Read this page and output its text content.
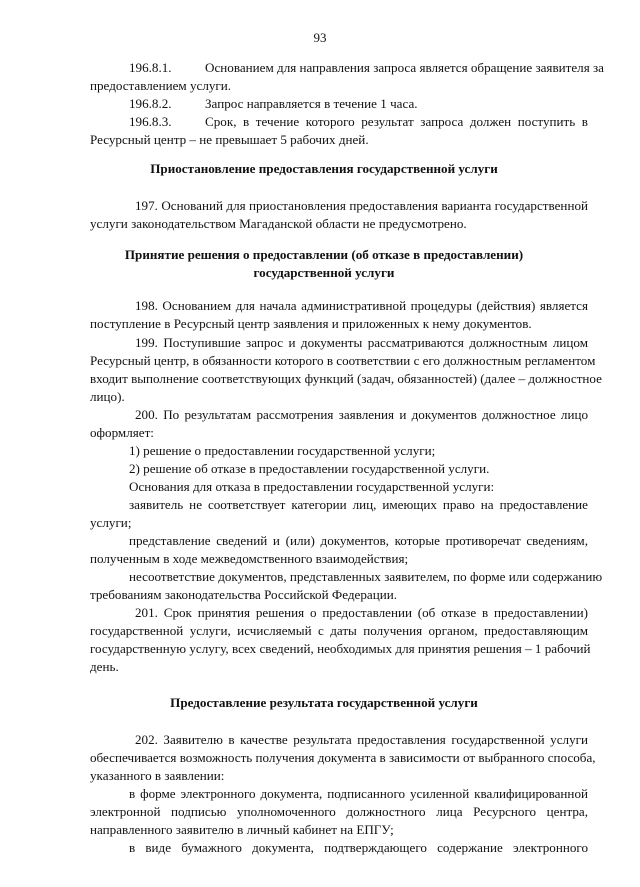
93
196.8.1.	Основанием для направления запроса является обращение заявителя за
предоставлением услуги.
196.8.2.	Запрос направляется в течение 1 часа.
196.8.3.	Срок, в течение которого результат запроса должен поступить в
Ресурсный центр – не превышает 5 рабочих дней.
Приостановление предоставления государственной услуги
197. Оснований для приостановления предоставления варианта государственной
услуги законодательством Магаданской области не предусмотрено.
Принятие решения о предоставлении (об отказе в предоставлении)
государственной услуги
198. Основанием для начала административной процедуры (действия) является
поступление в Ресурсный центр заявления и приложенных к нему документов.
199. Поступившие запрос и документы рассматриваются должностным лицом
Ресурсный центр, в обязанности которого в соответствии с его должностным регламентом
входит выполнение соответствующих функций (задач, обязанностей) (далее – должностное
лицо).
200. По результатам рассмотрения заявления и документов должностное лицо
оформляет:
1) решение о предоставлении государственной услуги;
2) решение об отказе в предоставлении государственной услуги.
Основания для отказа в предоставлении государственной услуги:
заявитель не соответствует категории лиц, имеющих право на предоставление
услуги;
представление сведений и (или) документов, которые противоречат сведениям,
полученным в ходе межведомственного взаимодействия;
несоответствие документов, представленных заявителем, по форме или содержанию
требованиям законодательства Российской Федерации.
201. Срок принятия решения о предоставлении (об отказе в предоставлении)
государственной услуги, исчисляемый с даты получения органом, предоставляющим
государственную услугу, всех сведений, необходимых для принятия решения – 1 рабочий
день.
Предоставление результата государственной услуги
202. Заявителю в качестве результата предоставления государственной услуги
обеспечивается возможность получения документа в зависимости от выбранного способа,
указанного в заявлении:
в форме электронного документа, подписанного усиленной квалифицированной
электронной подписью уполномоченного должностного лица Ресурсного центра,
направленного заявителю в личный кабинет на ЕПГУ;
в виде бумажного документа, подтверждающего содержание электронного
